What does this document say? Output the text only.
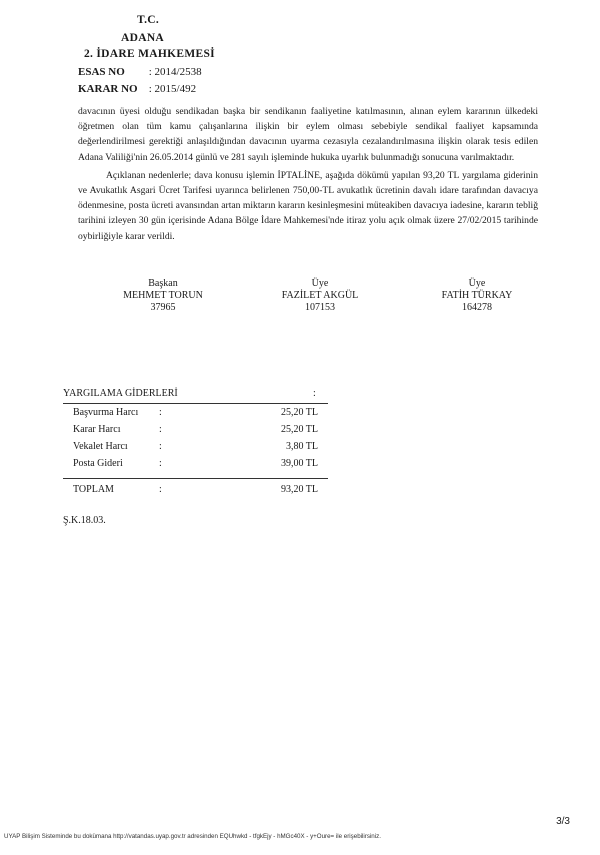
T.C.
ADANA
2. İDARE MAHKEMESİ
ESAS NO : 2014/2538
KARAR NO : 2015/492

davacının üyesi olduğu sendikadan başka bir sendikanın faaliyetine katılmasının, alınan eylem kararının ülkedeki öğretmen olan tüm kamu çalışanlarına ilişkin bir eylem olması sebebiyle sendikal faaliyet kapsamında değerlendirilmesi gerektiği anlaşıldığından davacının uyarma cezasıyla cezalandırılmasına ilişkin olarak tesis edilen Adana Valiliği'nin 26.05.2014 günlü ve 281 sayılı işleminde hukuka uyarlık bulunmadığı sonucuna varılmaktadır.

Açıklanan nedenlerle; dava konusu işlemin İPTALİNE, aşağıda dökümü yapılan 93,20 TL yargılama giderinin ve Avukatlık Asgari Ücret Tarifesi uyarınca belirlenen 750,00-TL avukatlık ücretinin davalı idare tarafından davacıya ödenmesine, posta ücreti avansından artan miktarın kararın kesinleşmesini müteakiben davacıya iadesine, kararın tebliğ tarihini izleyen 30 gün içerisinde Adana Bölge İdare Mahkemesi'nde itiraz yolu açık olmak üzere 27/02/2015 tarihinde oybirliğiyle karar verildi.

Başkan
MEHMET TORUN
37965
Üye
FAZİLET AKGÜL
107153
Üye
FATİH TÜRKAY
164278
YARGILAMA GİDERLERİ	:
Başvurma Harcı :	25,20 TL
Karar Harcı	:	25,20 TL
Vekalet Harcı	:	3,80 TL
Posta Gideri	:	39,00 TL
TOPLAM	:	93,20 TL
Ş.K.18.03.
3/3
UYAP Bilişim Sisteminde bu dokümana http://vatandas.uyap.gov.tr adresinden EQUhwkd - tfgkEjy - hMGc40X - y+Oure= ile erişebilirsiniz.
